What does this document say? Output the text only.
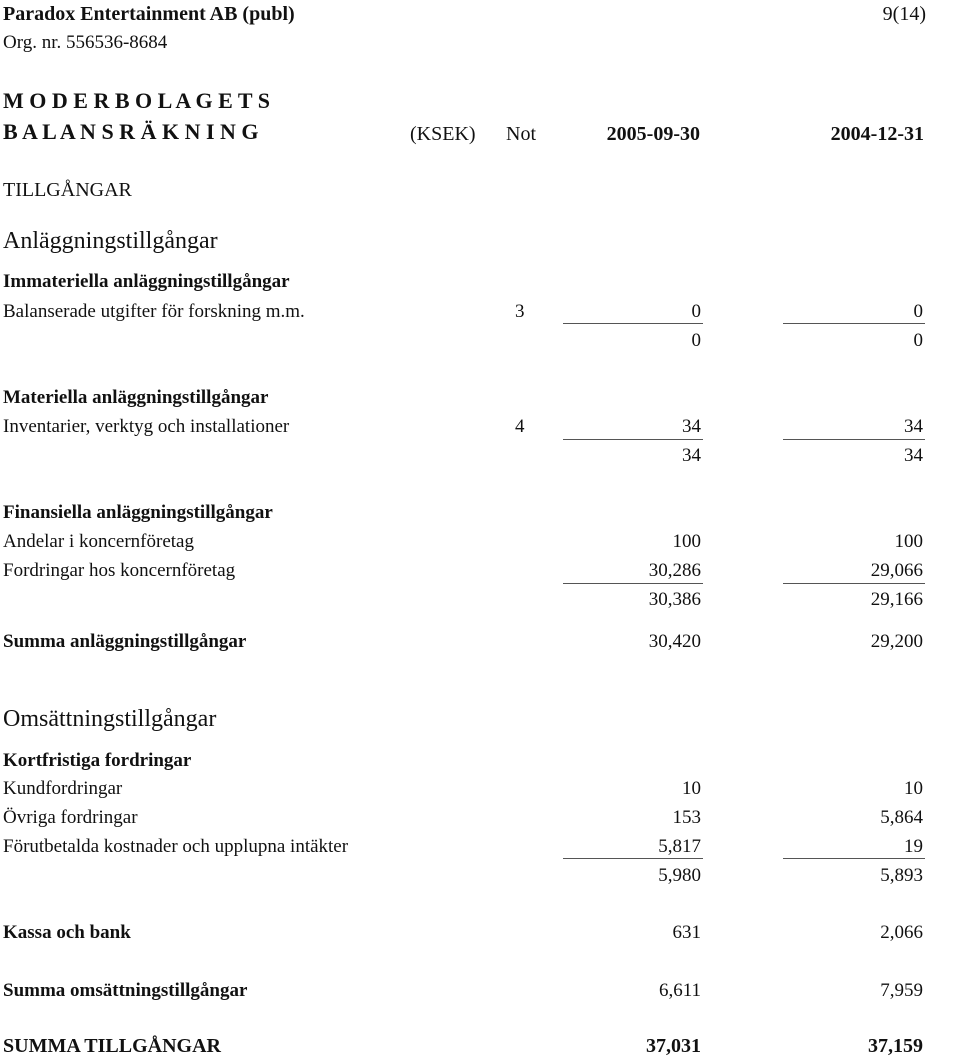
Paradox Entertainment AB (publ)	9(14)
Org. nr. 556536-8684
M O D E R B O L A G E T S
B A L A N S R Ä K N I N G	(KSEK) Not	2005-09-30	2004-12-31
TILLGÅNGAR
Anläggningstillgångar
Immateriella anläggningstillgångar
Balanserade utgifter för forskning m.m.	3	0	0
0	0
Materiella anläggningstillgångar
Inventarier, verktyg och installationer	4	34	34
34	34
Finansiella anläggningstillgångar
Andelar i koncernföretag	100	100
Fordringar hos koncernföretag	30,286	29,066
30,386	29,166
Summa anläggningstillgångar	30,420	29,200
Omsättningstillgångar
Kortfristiga fordringar
Kundfordringar	10	10
Övriga fordringar	153	5,864
Förutbetalda kostnader och upplupna intäkter	5,817	19
5,980	5,893
Kassa och bank	631	2,066
Summa omsättningstillgångar	6,611	7,959
SUMMA TILLGÅNGAR	37,031	37,159
